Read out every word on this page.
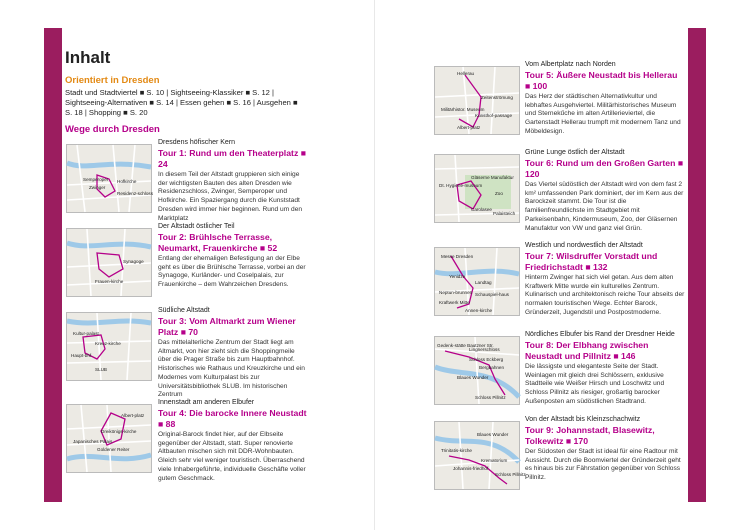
Inhalt
Orientiert in Dresden
Stadt und Stadtviertel ■ S. 10 | Sightseeing-Klassiker ■ S. 12 | Sightseeing-Alternativen ■ S. 14 | Essen gehen ■ S. 16 | Ausgehen ■ S. 18 | Shopping ■ S. 20
Wege durch Dresden
Semperoper
Zwinger
Hofkirche
Residenz-schloss
Dresdens höfischer Kern
Tour 1: Rund um den Theaterplatz ■ 24
In diesem Teil der Altstadt gruppieren sich einige der wichtigsten Bauten des alten Dresden wie Residenzschloss, Zwinger, Semperoper und Hofkirche. Ein Spaziergang durch die Kunststadt Dresden wird immer hier beginnen. Rund um den Marktplatz
Synagoge
Frauen-kirche
Der Altstadt östlicher Teil
Tour 2: Brühlsche Terrasse, Neumarkt, Frauenkirche ■ 52
Entlang der ehemaligen Befestigung an der Elbe geht es über die Brühlsche Terrasse, vorbei an der Synagoge, Kurländer- und Coselpalais, zur Frauenkirche – dem Wahrzeichen Dresdens.
Kultur-palast
Kreuz-kirche
Haupt-bhf.
SLUB
Südliche Altstadt
Tour 3: Vom Altmarkt zum Wiener Platz ■ 70
Das mittelalterliche Zentrum der Stadt liegt am Altmarkt, von hier zieht sich die Shoppingmeile über die Prager Straße bis zum Hauptbahnhof. Historisches wie Rathaus und Kreuzkirche und ein Modernes vom Kulturpalast bis zur Universitätsbibliothek SLUB. Im historischen Zentrum
Albert-platz
Dreikönigs-kirche
Japanisches Palais
Goldener Reiter
Innenstadt am anderen Elbufer
Tour 4: Die barocke Innere Neustadt ■ 88
Original-Barock findet hier, auf der Elbseite gegenüber der Altstadt, statt. Super renovierte Altbauten mischen sich mit DDR-Wohnbauten. Gleich sehr viel weniger touristisch. Überraschend viele Inhabergeführte, individuelle Geschäfte voller gutem Geschmack.
Hellerau
Zeitenströmung
Militärhistor. Museum
Kunsthof-passage
Albert-platz
Vom Albertplatz nach Norden
Tour 5: Äußere Neustadt bis Hellerau ■ 100
Das Herz der städtischen Alternativkultur und lebhaftes Ausgehviertel. Militärhistorisches Museum und Sternekűche im alten Artillerieviertel, die Gartenstadt Hellerau trumpft mit modernem Tanz und Möbeldesign.
Dt. Hygiene-museum
Gläserne Manufaktur
Zoo
Carolasee
Palaisteich
Grüne Lunge östlich der Altstadt
Tour 6: Rund um den Großen Garten ■ 120
Das Viertel südöstlich der Altstadt wird von dem fast 2 km² umfassenden Park dominiert, der im Kern aus der Barockzeit stammt. Die Tour ist die familienfreundlichste im Stadtgebiet mit Parkeisenbahn, Kindermuseum, Zoo, der Gläsernen Manufaktur von VW und ganz viel Grün.
Messe Dresden
Yenidze
Landtag
Neptun-brunnen
Kraftwerk Mitte
Schauspiel-haus
Annen-kirche
Westlich und nordwestlich der Altstadt
Tour 7: Wilsdruffer Vorstadt und Friedrichstadt ■ 132
Hinterm Zwinger hat sich viel getan. Aus dem alten Kraftwerk Mitte wurde ein kulturelles Zentrum. Kulinarisch und architektonisch reiche Tour abseits der normalen touristischen Wege. Echter Barock, Gründerzeit, Jugendstil und Postpostmoderne.
Gedenk-stätte Bautzner Str.
Lingnerschloss
Schloss Eckberg
Bergbahnen
Blaues Wunder
Schloss Pillnitz
Nördliches Elbufer bis Rand der Dresdner Heide
Tour 8: Der Elbhang zwischen Neustadt und Pillnitz ■ 146
Die lässigste und eleganteste Seite der Stadt. Weinlagen mit gleich drei Schlössern, exklusive Stadtteile wie Weißer Hirsch und Loschwitz und Schloss Pillnitz als riesiger, großartig barocker Außenposten am südöstlichen Stadtrand.
Blaues Wunder
Trinitatis-kirche
Johannis-friedhof
Krematorium
Schloss Pillnitz
Von der Altstadt bis Kleinzschachwitz
Tour 9: Johannstadt, Blasewitz, Tolkewitz ■ 170
Der Südosten der Stadt ist ideal für eine Radtour mit Aussicht. Durch die Boomviertel der Gründerzeit geht es hinaus bis zur Fährstation gegenüber von Schloss Pillnitz.
